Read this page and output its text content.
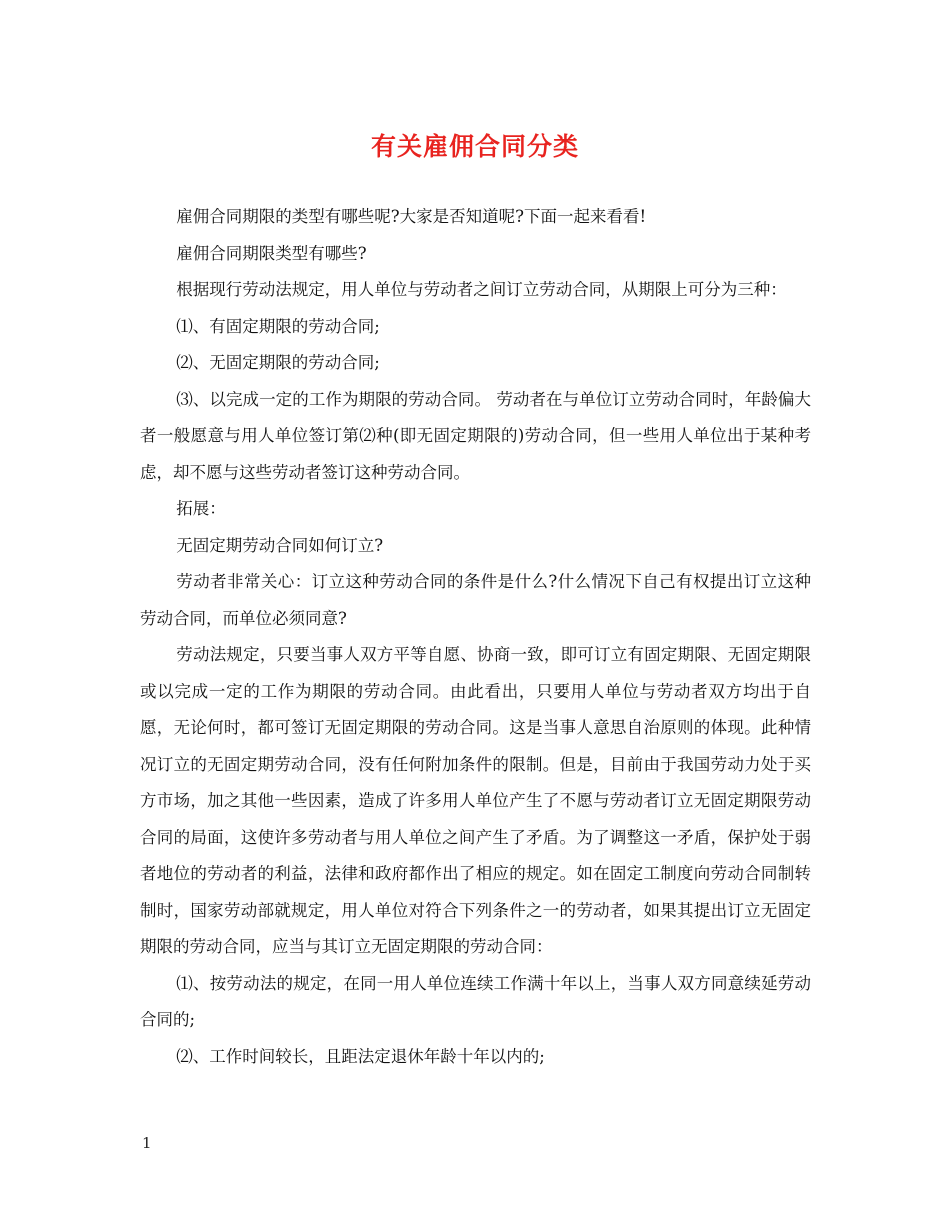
有关雇佣合同分类

雇佣合同期限的类型有哪些呢?大家是否知道呢?下面一起来看看!

雇佣合同期限类型有哪些?

根据现行劳动法规定，用人单位与劳动者之间订立劳动合同，从期限上可分为三种：

⑴、有固定期限的劳动合同;

⑵、无固定期限的劳动合同;

⑶、以完成一定的工作为期限的劳动合同。 劳动者在与单位订立劳动合同时，年龄偏大者一般愿意与用人单位签订第⑵种(即无固定期限的)劳动合同，但一些用人单位出于某种考虑，却不愿与这些劳动者签订这种劳动合同。

拓展：

无固定期劳动合同如何订立?

劳动者非常关心：订立这种劳动合同的条件是什么?什么情况下自己有权提出订立这种劳动合同，而单位必须同意?

劳动法规定，只要当事人双方平等自愿、协商一致，即可订立有固定期限、无固定期限或以完成一定的工作为期限的劳动合同。由此看出，只要用人单位与劳动者双方均出于自愿，无论何时，都可签订无固定期限的劳动合同。这是当事人意思自治原则的体现。此种情况订立的无固定期劳动合同，没有任何附加条件的限制。但是，目前由于我国劳动力处于买方市场，加之其他一些因素，造成了许多用人单位产生了不愿与劳动者订立无固定期限劳动合同的局面，这使许多劳动者与用人单位之间产生了矛盾。为了调整这一矛盾，保护处于弱者地位的劳动者的利益，法律和政府都作出了相应的规定。如在固定工制度向劳动合同制转制时，国家劳动部就规定，用人单位对符合下列条件之一的劳动者，如果其提出订立无固定期限的劳动合同，应当与其订立无固定期限的劳动合同：

⑴、按劳动法的规定，在同一用人单位连续工作满十年以上，当事人双方同意续延劳动合同的;

⑵、工作时间较长，且距法定退休年龄十年以内的;

1
